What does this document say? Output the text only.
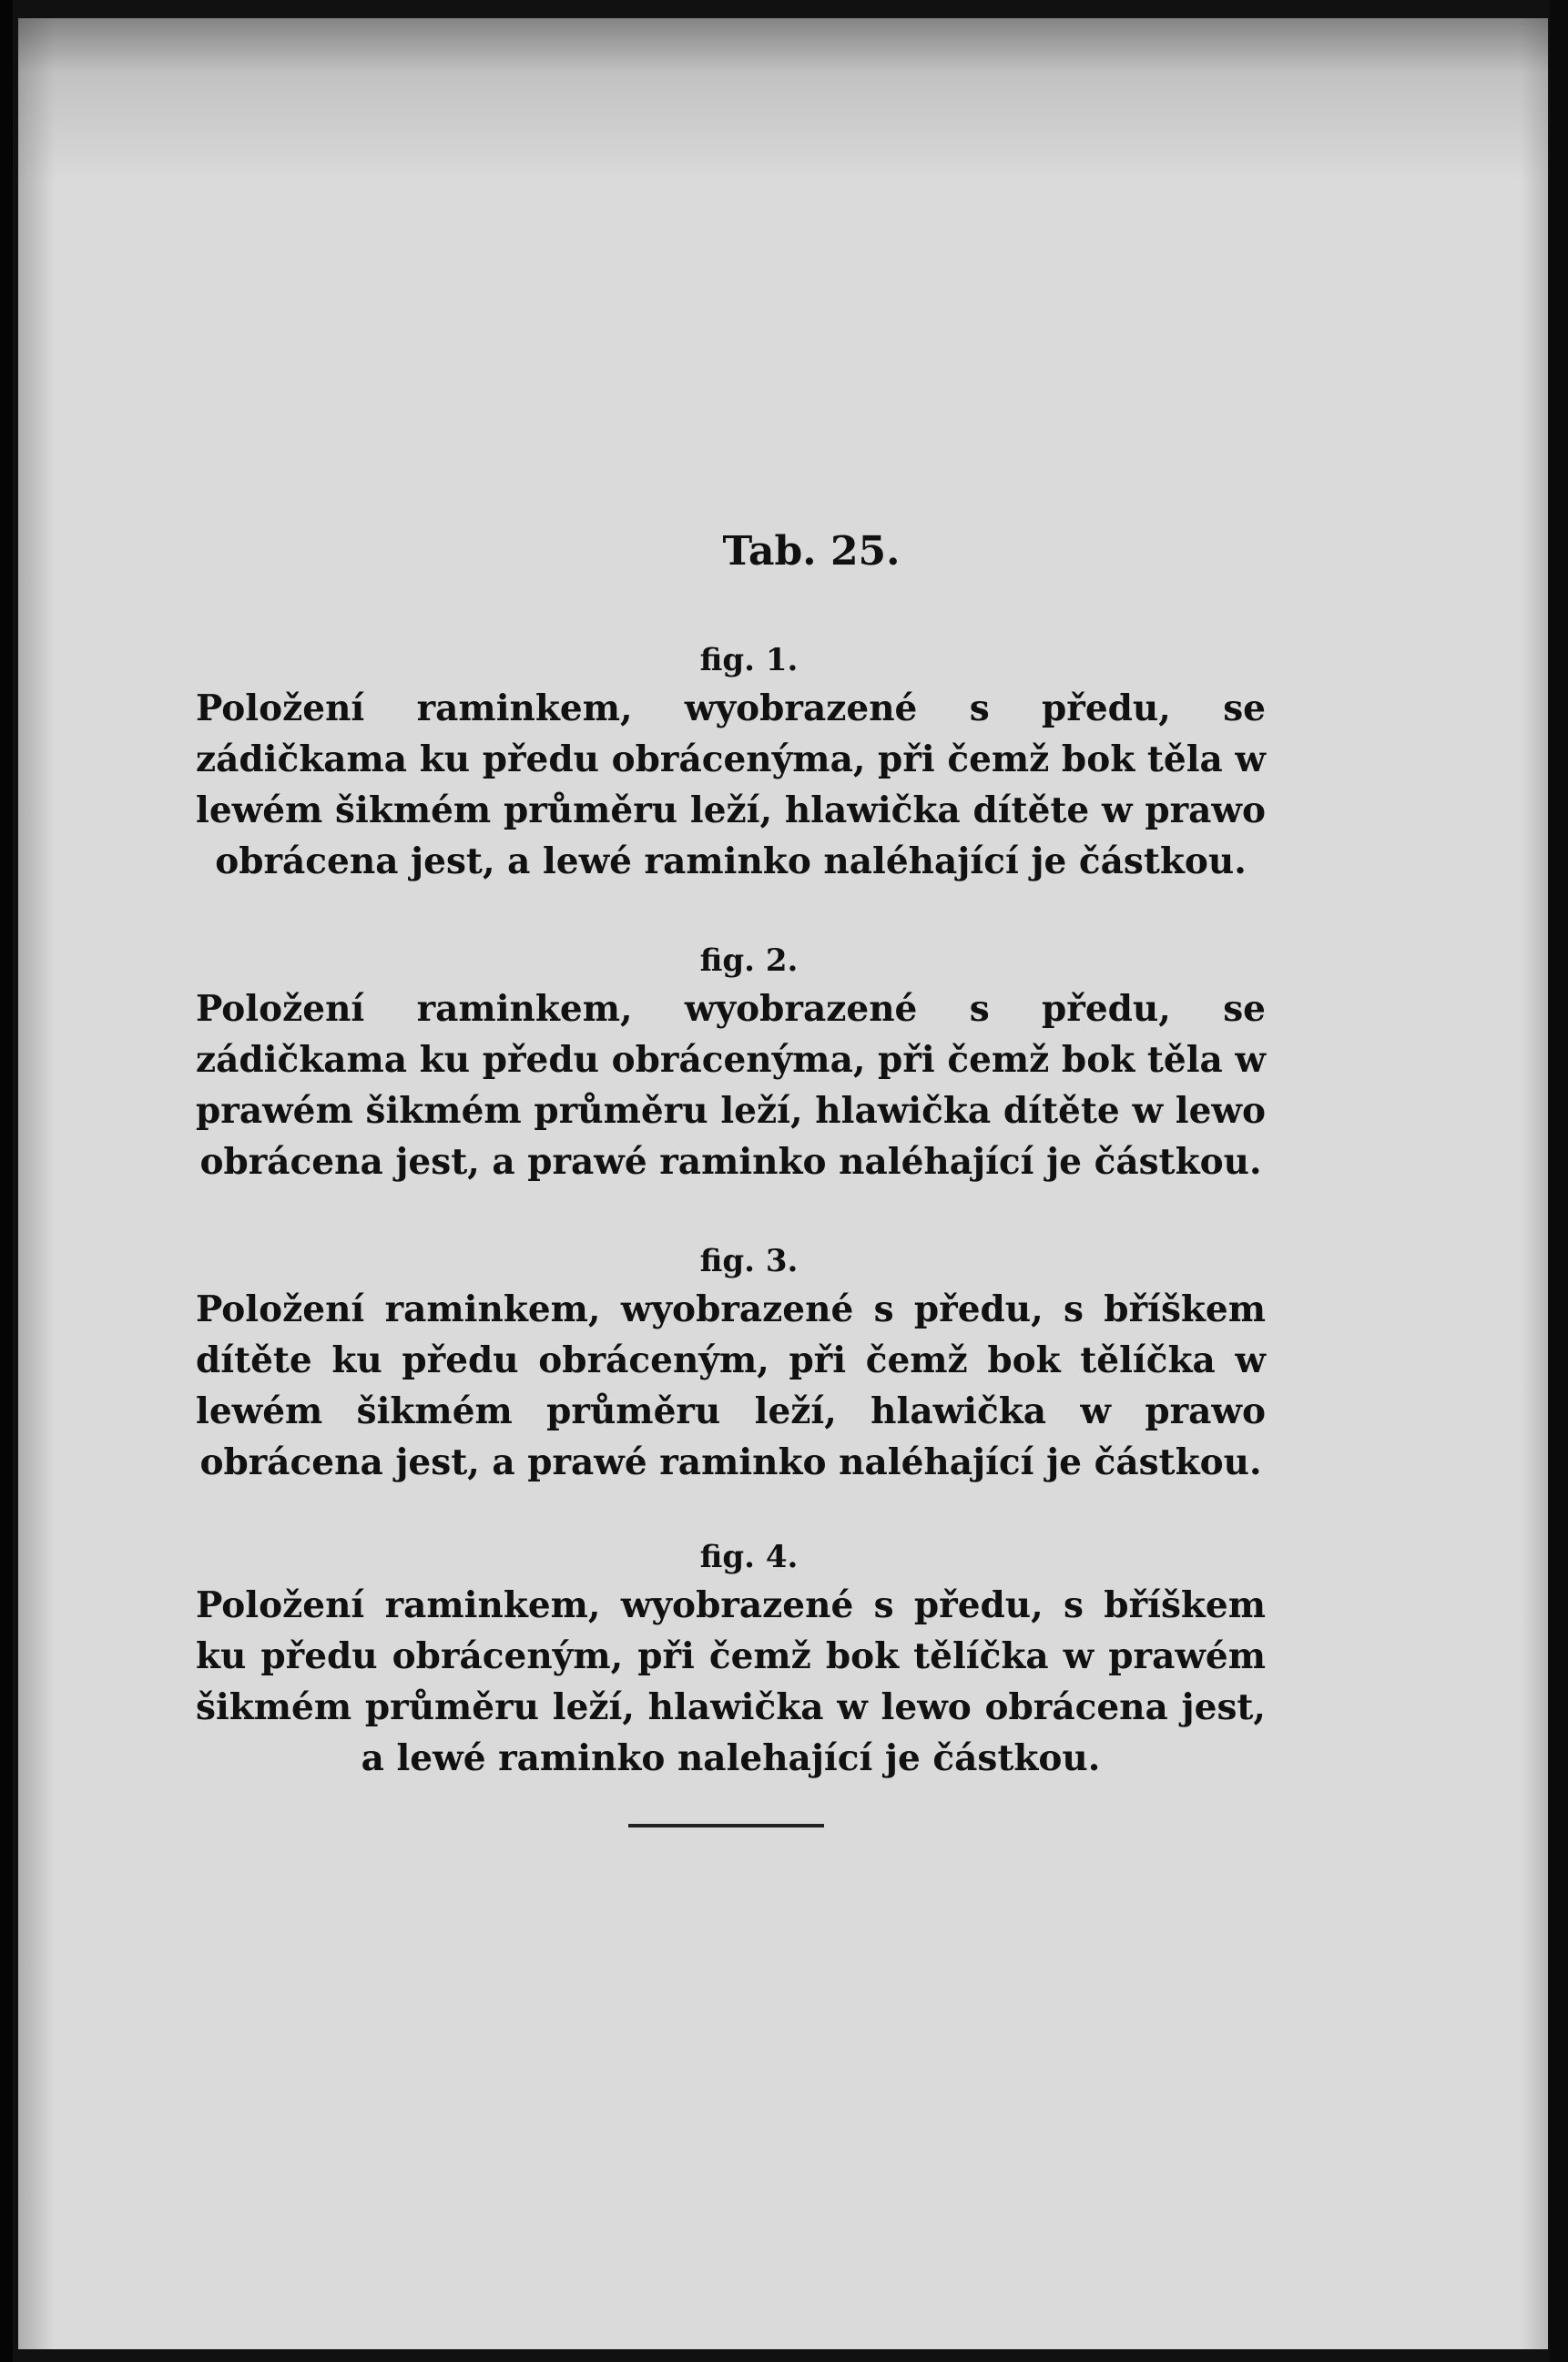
Tab. 25.
fig. 1.

Položení raminkem, wyobrazené s předu, se zádičkama ku předu obrácenýma, při čemž bok těla w lewém šikmém průměru leží, hlawička dítěte w prawo obrácena jest, a lewé raminko naléhající je částkou.

fig. 2.

Položení raminkem, wyobrazené s předu, se zádičkama ku předu obrácenýma, při čemž bok těla w prawém šikmém průměru leží, hlawička dítěte w lewo obrácena jest, a prawé raminko naléhající je částkou.

fig. 3.

Položení raminkem, wyobrazené s předu, s bříškem dítěte ku předu obráceným, při čemž bok tělíčka w lewém šikmém průměru leží, hlawička w prawo obrácena jest, a prawé raminko naléhající je částkou.

fig. 4.

Položení raminkem, wyobrazené s předu, s bříškem ku předu obráceným, při čemž bok tělíčka w prawém šikmém průměru leží, hlawička w lewo obrácena jest, a lewé raminko nalehající je částkou.
